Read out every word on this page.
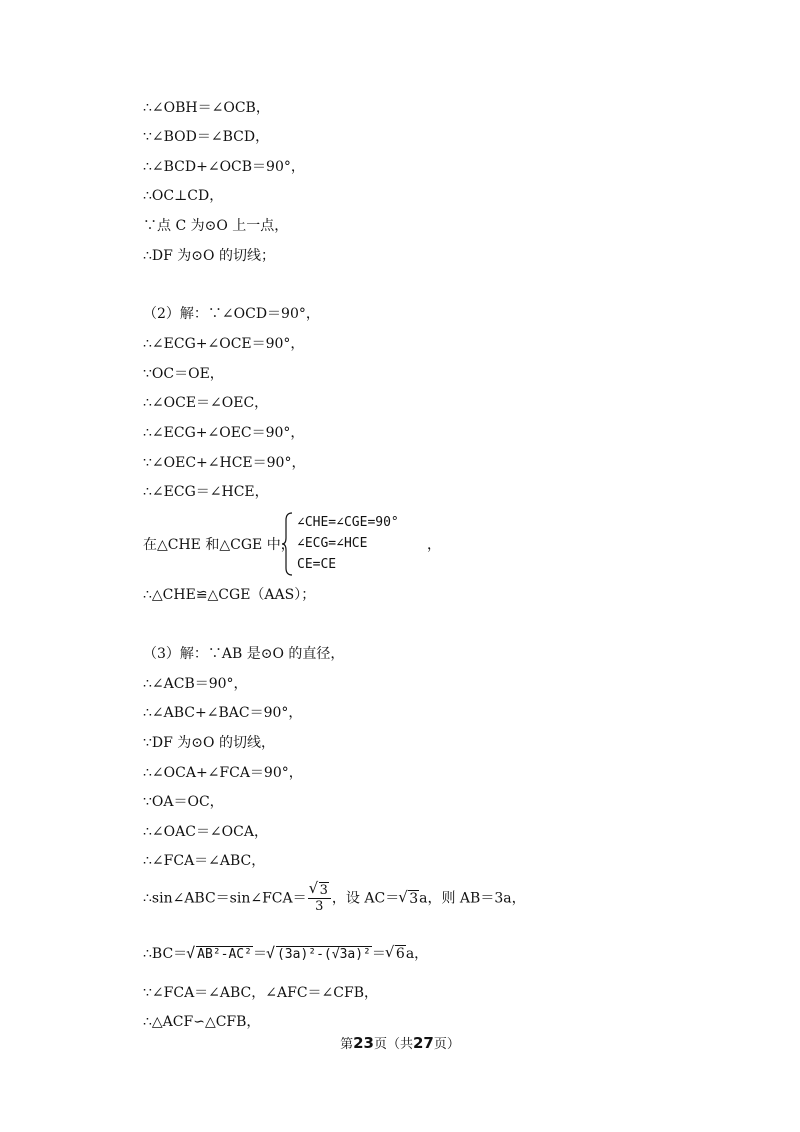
∴∠OBH＝∠OCB，
∵∠BOD＝∠BCD，
∴∠BCD+∠OCB＝90°，
∴OC⊥CD，
∵点 C 为⊙O 上一点，
∴DF 为⊙O 的切线；
（2）解：∵∠OCD＝90°，
∴∠ECG+∠OCE＝90°，
∵OC＝OE，
∴∠OCE＝∠OEC，
∴∠ECG+∠OEC＝90°，
∵∠OEC+∠HCE＝90°，
∴∠ECG＝∠HCE，
在△CHE 和△CGE 中，
∠CHE=∠CGE=90°
∠ECG=∠HCE
CE=CE
，
∴△CHE≌△CGE（AAS）；
（3）解：∵AB 是⊙O 的直径，
∴∠ACB＝90°，
∴∠ABC+∠BAC＝90°，
∵DF 为⊙O 的切线，
∴∠OCA+∠FCA＝90°，
∵OA＝OC，
∴∠OAC＝∠OCA，
∴∠FCA＝∠ABC，
∴sin∠ABC＝sin∠FCA＝ √ $\frac{3}{3}$ ，设 AC＝ √ 3a，则 AB＝3a，
∴BC＝ √ AB²-AC²＝ √ (3a)²-(√3a)²＝ √ 6a，
∵∠FCA＝∠ABC，∠AFC＝∠CFB，
∴△ACF∽△CFB，
第23页（共27页）
